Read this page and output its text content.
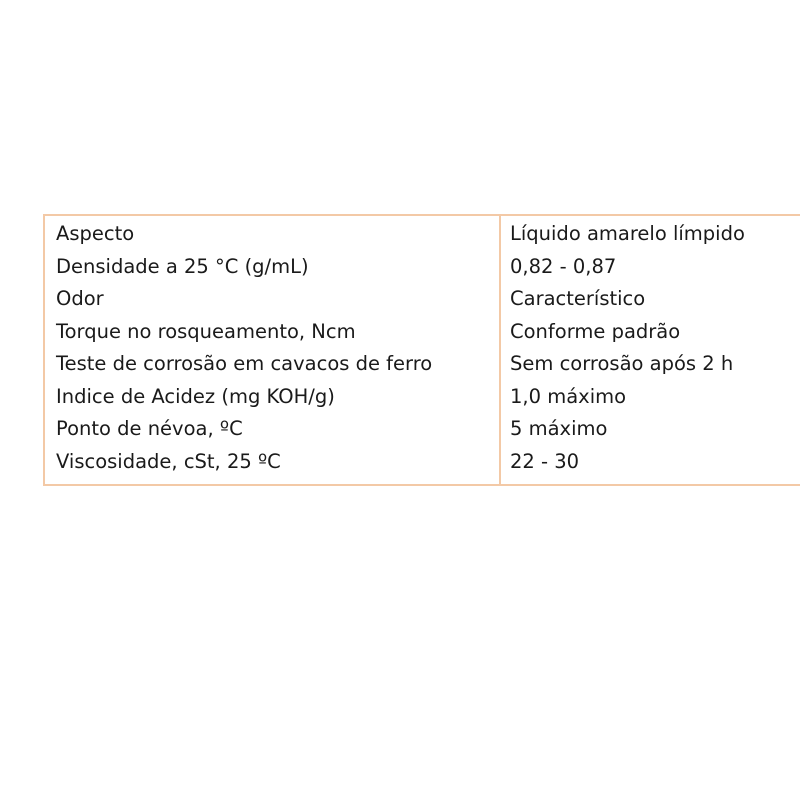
Aspecto	Líquido amarelo límpido
Densidade a 25 °C (g/mL)	0,82 - 0,87
Odor	Característico
Torque no rosqueamento, Ncm	Conforme padrão
Teste de corrosão em cavacos de ferro	Sem corrosão após 2 h
Indice de Acidez (mg KOH/g)	1,0 máximo
Ponto de névoa, ºC	5 máximo
Viscosidade, cSt, 25 ºC	22 - 30
